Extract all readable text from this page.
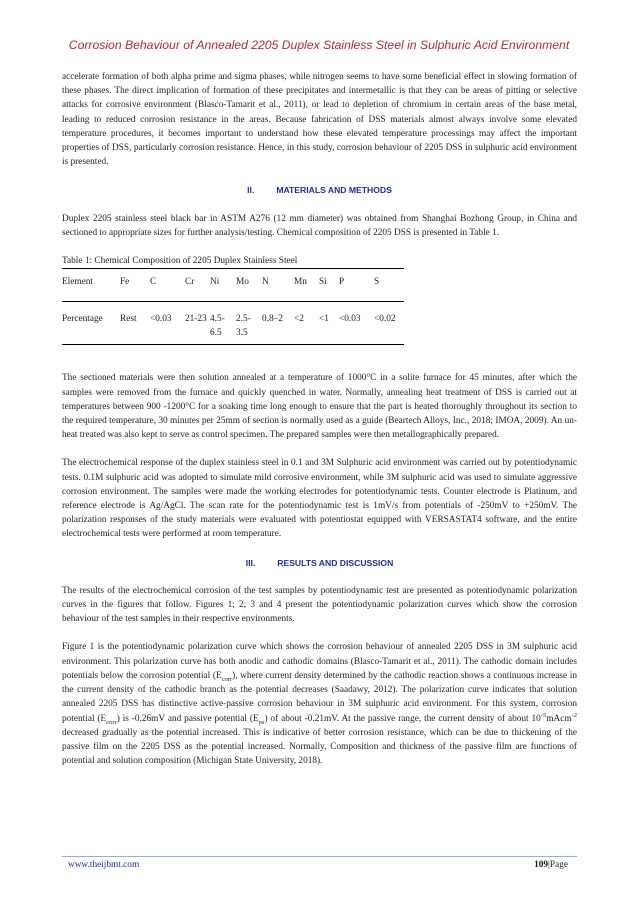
Corrosion Behaviour of Annealed 2205 Duplex Stainless Steel in Sulphuric Acid Environment

accelerate formation of both alpha prime and sigma phases, while nitrogen seems to have some beneficial effect in slowing formation of these phases. The direct implication of formation of these precipitates and intermetallic is that they can be areas of pitting or selective attacks for corrosive environment (Blasco-Tamarit et al., 2011), or lead to depletion of chromium in certain areas of the base metal, leading to reduced corrosion resistance in the areas. Because fabrication of DSS materials almost always involve some elevated temperature procedures, it becomes important to understand how these elevated temperature processings may affect the important properties of DSS, particularly corrosion resistance. Hence, in this study, corrosion behaviour of 2205 DSS in sulphuric acid environment is presented.

II.	MATERIALS AND METHODS

Duplex 2205 stainless steel black bar in ASTM A276 (12 mm diameter) was obtained from Shanghai Bozhong Group, in China and sectioned to appropriate sizes for further analysis/testing. Chemical composition of 2205 DSS is presented in Table 1.

Table 1: Chemical Composition of 2205 Duplex Stainless Steel

Element	Fe	C	Cr	Ni	Mo	N	Mn	Si	P	S
Percentage	Rest	<0.03	21-23	4.5-6.5	2.5-3.5	0.8–2	<2	<1	<0.03	<0.02

The sectioned materials were then solution annealed at a temperature of 1000°C in a solite furnace for 45 minutes, after which the samples were removed from the furnace and quickly quenched in water. Normally, annealing heat treatment of DSS is carried out at temperatures between 900 -1200°C for a soaking time long enough to ensure that the part is heated thoroughly throughout its section to the required temperature, 30 minutes per 25mm of section is normally used as a guide (Beartech Alloys, Inc., 2018; IMOA, 2009). An un-heat treated was also kept to serve as control specimen. The prepared samples were then metallographically prepared.

The electrochemical response of the duplex stainless steel in 0.1 and 3M Sulphuric acid environment was carried out by potentiodynamic tests. 0.1M sulphuric acid was adopted to simulate mild corrosive environment, while 3M sulphuric acid was used to simulate aggressive corrosion environment. The samples were made the working electrodes for potentiodynamic tests. Counter electrode is Platinum, and reference electrode is Ag/AgCl. The scan rate for the potentiodynamic test is 1mV/s from potentials of -250mV to +250mV. The polarization responses of the study materials were evaluated with potentiostat equipped with VERSASTAT4 software, and the entire electrochemical tests were performed at room temperature.

III.	RESULTS AND DISCUSSION

The results of the electrochemical corrosion of the test samples by potentiodynamic test are presented as potentiodynamic polarization curves in the figures that follow. Figures 1; 2; 3 and 4 present the potentiodynamic polarization curves which show the corrosion behaviour of the test samples in their respective environments.

Figure 1 is the potentiodynamic polarization curve which shows the corrosion behaviour of annealed 2205 DSS in 3M sulphuric acid environment. This polarization curve has both anodic and cathodic domains (Blasco-Tamarit et al., 2011). The cathodic domain includes potentials below the corrosion potential $(E_{corr})$, where current density determined by the cathodic reaction shows a continuous increase in the current density of the cathodic branch as the potential decreases (Saadawy, 2012). The polarization curve indicates that solution annealed 2205 DSS has distinctive active-passive corrosion behaviour in 3M sulphuric acid environment. For this system, corrosion potential $(E_{corr})$ is -0.26mV and passive potential $(E_{ps})$ of about -0.21mV. At the passive range, the current density of about $10^{-5}mAcm^{-2}$ decreased gradually as the potential increased. This is indicative of better corrosion resistance, which can be due to thickening of the passive film on the 2205 DSS as the potential increased. Normally, Composition and thickness of the passive film are functions of potential and solution composition (Michigan State University, 2018).

www.theijbmt.com	109|Page
